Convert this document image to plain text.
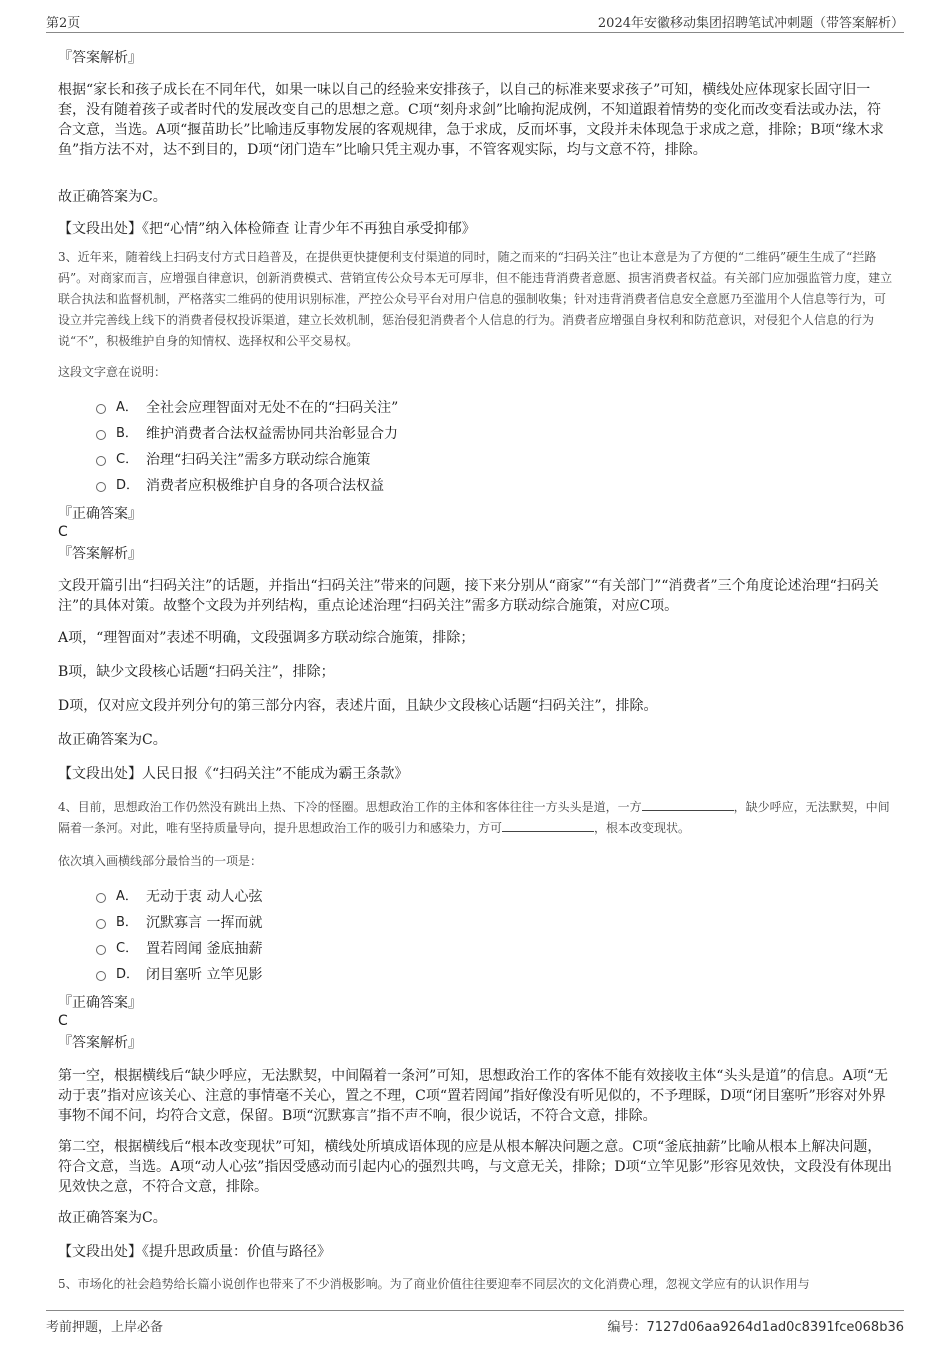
第2页	2024年安徽移动集团招聘笔试冲刺题（带答案解析）
『答案解析』
根据“家长和孩子成长在不同年代，如果一味以自己的经验来安排孩子，以自己的标准来要求孩子”可知，横线处应体现家长固守旧一套，没有随着孩子或者时代的发展改变自己的思想之意。C项“刻舟求剑”比喻拘泥成例，不知道跟着情势的变化而改变看法或办法，符合文意，当选。A项“揠苗助长”比喻违反事物发展的客观规律，急于求成，反而坏事，文段并未体现急于求成之意，排除；B项“缘木求鱼”指方法不对，达不到目的，D项“闭门造车”比喻只凭主观办事，不管客观实际，均与文意不符，排除。
故正确答案为C。
【文段出处】《把“心情”纳入体检筛查 让青少年不再独自承受抑郁》
3、近年来，随着线上扫码支付方式日趋普及，在提供更快捷便利支付渠道的同时，随之而来的“扫码关注”也让本意是为了方便的“二维码”硬生生成了“拦路码”。对商家而言，应增强自律意识，创新消费模式、营销宣传公众号本无可厚非，但不能违背消费者意愿、损害消费者权益。有关部门应加强监管力度，建立联合执法和监督机制，严格落实二维码的使用识别标准，严控公众号平台对用户信息的强制收集；针对违背消费者信息安全意愿乃至滥用个人信息等行为，可设立并完善线上线下的消费者侵权投诉渠道，建立长效机制，惩治侵犯消费者个人信息的行为。消费者应增强自身权利和防范意识，对侵犯个人信息的行为说“不”，积极维护自身的知情权、选择权和公平交易权。
这段文字意在说明：
A． 全社会应理智面对无处不在的“扫码关注”
B． 维护消费者合法权益需协同共治彰显合力
C． 治理“扫码关注”需多方联动综合施策
D． 消费者应积极维护自身的各项合法权益
『正确答案』
C
『答案解析』
文段开篇引出“扫码关注”的话题，并指出“扫码关注”带来的问题，接下来分别从“商家”“有关部门”“消费者”三个角度论述治理“扫码关注”的具体对策。故整个文段为并列结构，重点论述治理“扫码关注”需多方联动综合施策，对应C项。
A项，“理智面对”表述不明确，文段强调多方联动综合施策，排除；
B项，缺少文段核心话题“扫码关注”，排除；
D项，仅对应文段并列分句的第三部分内容，表述片面，且缺少文段核心话题“扫码关注”，排除。
故正确答案为C。
【文段出处】人民日报《“扫码关注”不能成为霸王条款》
4、目前，思想政治工作仍然没有跳出上热、下冷的怪圈。思想政治工作的主体和客体往往一方头头是道，一方	，缺少呼应，无法默契，中间隔着一条河。对此，唯有坚持质量导向，提升思想政治工作的吸引力和感染力，方可	，根本改变现状。
依次填入画横线部分最恰当的一项是：
A． 无动于衷 动人心弦
B． 沉默寡言 一挥而就
C． 置若罔闻 釜底抽薪
D． 闭目塞听 立竿见影
『正确答案』
C
『答案解析』
第一空，根据横线后“缺少呼应，无法默契，中间隔着一条河”可知，思想政治工作的客体不能有效接收主体“头头是道”的信息。A项“无动于衷”指对应该关心、注意的事情毫不关心，置之不理，C项“置若罔闻”指好像没有听见似的，不予理睬，D项“闭目塞听”形容对外界事物不闻不问，均符合文意，保留。B项“沉默寡言”指不声不响，很少说话，不符合文意，排除。
第二空，根据横线后“根本改变现状”可知，横线处所填成语体现的应是从根本解决问题之意。C项“釜底抽薪”比喻从根本上解决问题，符合文意，当选。A项“动人心弦”指因受感动而引起内心的强烈共鸣，与文意无关，排除；D项“立竿见影”形容见效快，文段没有体现出见效快之意，不符合文意，排除。
故正确答案为C。
【文段出处】《提升思政质量：价值与路径》
5、市场化的社会趋势给长篇小说创作也带来了不少消极影响。为了商业价值往往要迎奉不同层次的文化消费心理，忽视文学应有的认识作用与
考前押题，上岸必备	编号：7127d06aa9264d1ad0c8391fce068b36
